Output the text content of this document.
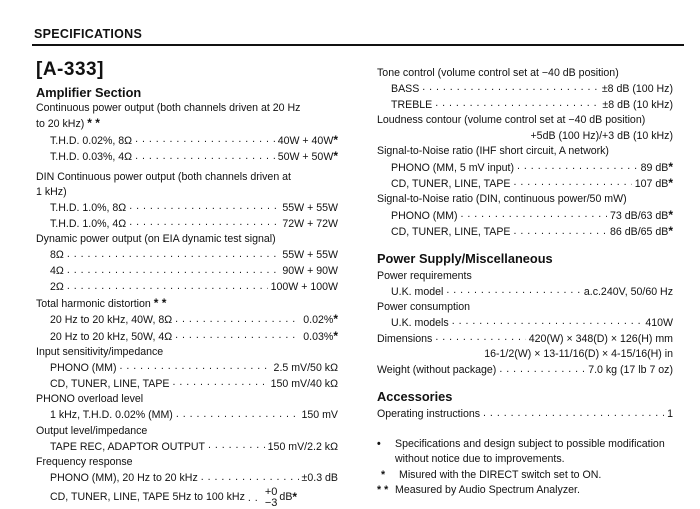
SPECIFICATIONS
[A-333]
Amplifier Section
Continuous power output (both channels driven at 20 Hz
to 20 kHz) * *
T.H.D. 0.02%, 8Ω . . .	40W + 40W *
T.H.D. 0.03%, 4Ω . . .	50W + 50W *
DIN Continuous power output (both channels driven at
1 kHz)
T.H.D. 1.0%, 8Ω . . .	55W + 55W
T.H.D. 1.0%, 4Ω . . .	72W + 72W
Dynamic power output (on EIA dynamic test signal)
8Ω . . .	55W + 55W
4Ω . . .	90W + 90W
2Ω . . .	100W + 100W
Total harmonic distortion * *
20 Hz to 20 kHz, 40W, 8Ω . . .	0.02% *
20 Hz to 20 kHz, 50W, 4Ω . . .	0.03% *
Input sensitivity/impedance
PHONO (MM) . . .	2.5 mV/50 kΩ
CD, TUNER, LINE, TAPE . . .	150 mV/40 kΩ
PHONO overload level
1 kHz, T.H.D. 0.02% (MM) . . .	150 mV
Output level/impedance
TAPE REC, ADAPTOR OUTPUT . . .	150 mV/2.2 kΩ
Frequency response
PHONO (MM), 20 Hz to 20 kHz . . .	±0.3 dB
CD, TUNER, LINE, TAPE 5Hz to 100 kHz . . . +0
−3 dB *
Tone control (volume control set at −40 dB position)
BASS . . .	±8 dB (100 Hz)
TREBLE . . .	±8 dB (10 kHz)
Loudness contour (volume control set at −40 dB position)
+5dB (100 Hz)/+3 dB (10 kHz)
Signal-to-Noise ratio (IHF short circuit, A network)
PHONO (MM, 5 mV input) . . .	89 dB *
CD, TUNER, LINE, TAPE . . .	107 dB *
Signal-to-Noise ratio (DIN, continuous power/50 mW)
PHONO (MM) . . .	73 dB/63 dB *
CD, TUNER, LINE, TAPE . . .	86 dB/65 dB *
Power Supply/Miscellaneous
Power requirements
U.K. model . . .	a.c.240V, 50/60 Hz
Power consumption
U.K. models . . .	410W
Dimensions . . .	420(W) × 348(D) × 126(H) mm
16-1/2(W) × 13-11/16(D) × 4-15/16(H) in
Weight (without package) . . .	7.0 kg (17 lb 7 oz)
Accessories
Operating instructions . . .	1
•	Specifications and design subject to possible modification
without notice due to improvements.
*	Misured with the DIRECT switch set to ON.
* * Measured by Audio Spectrum Analyzer.
